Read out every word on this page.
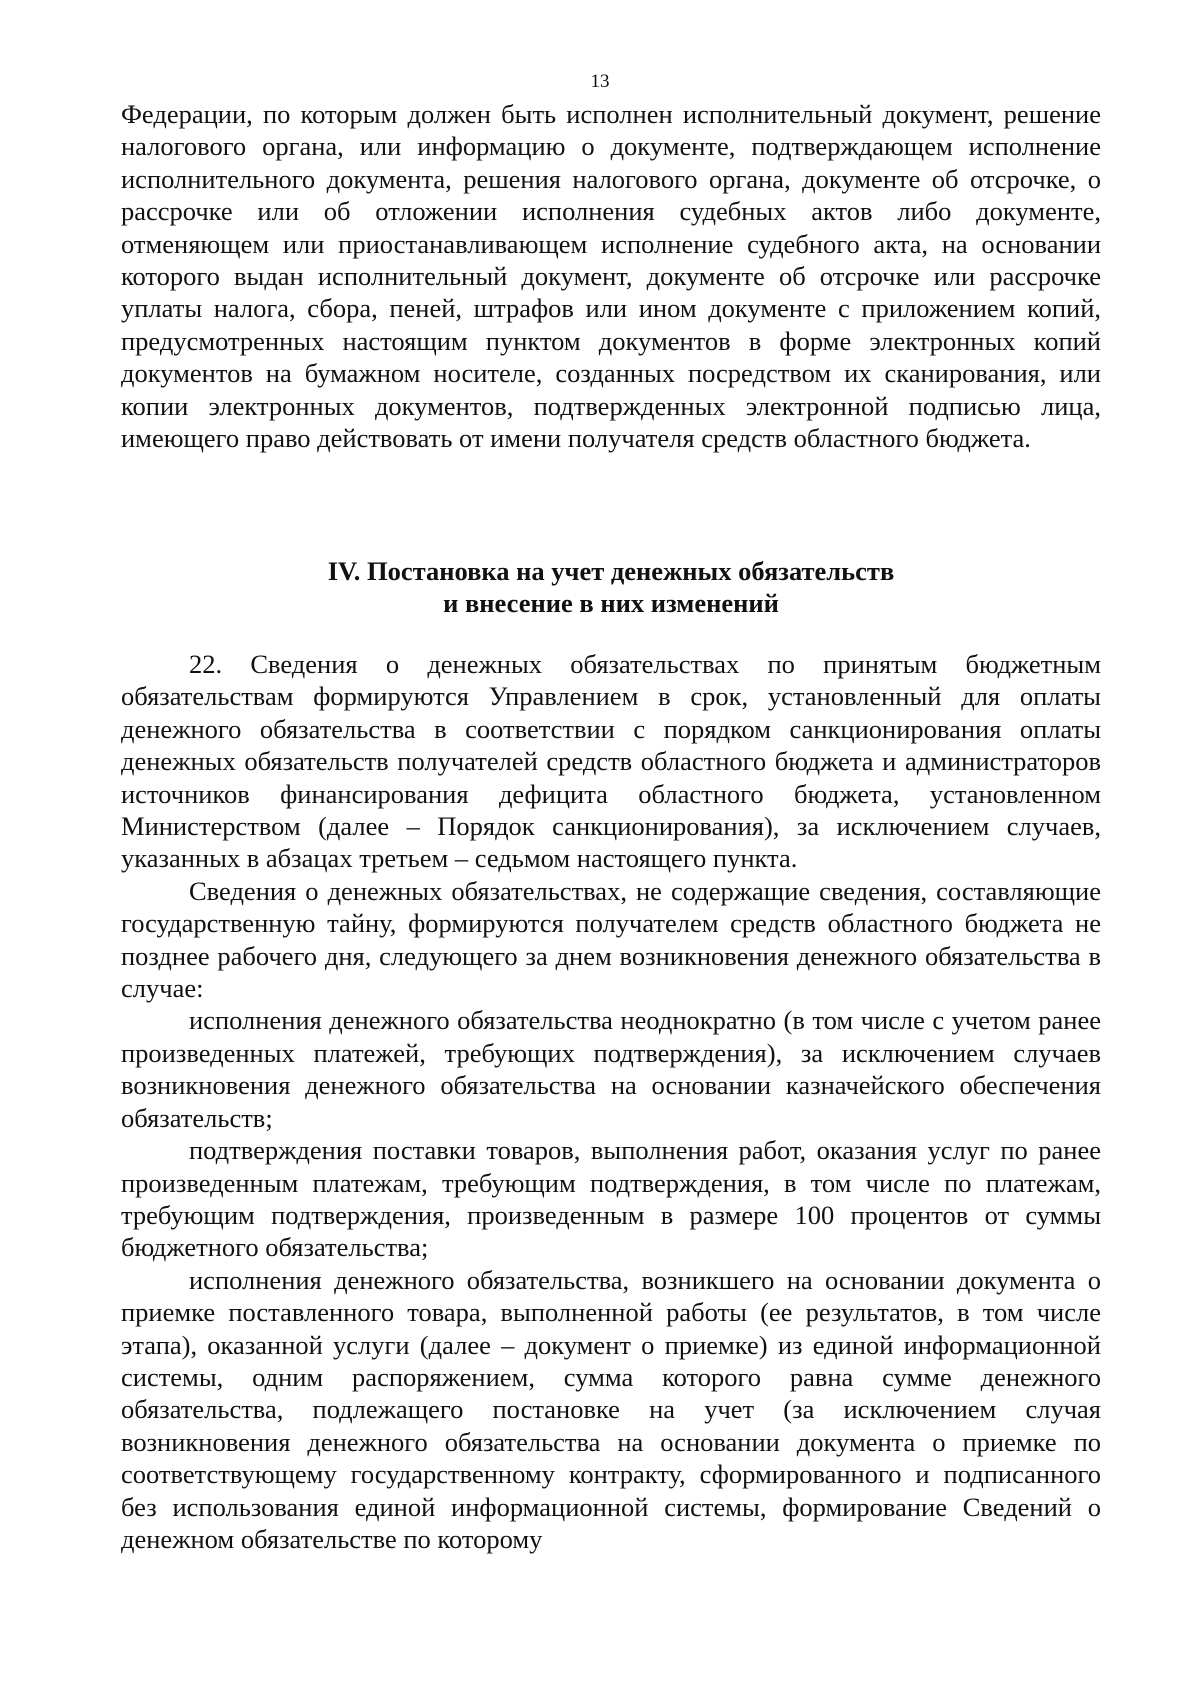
13

Федерации, по которым должен быть исполнен исполнительный документ, решение налогового органа, или информацию о документе, подтверждающем исполнение исполнительного документа, решения налогового органа, документе об отсрочке, о рассрочке или об отложении исполнения судебных актов либо документе, отменяющем или приостанавливающем исполнение судебного акта, на основании которого выдан исполнительный документ, документе об отсрочке или рассрочке уплаты налога, сбора, пеней, штрафов или ином документе с приложением копий, предусмотренных настоящим пунктом документов в форме электронных копий документов на бумажном носителе, созданных посредством их сканирования, или копии электронных документов, подтвержденных электронной подписью лица, имеющего право действовать от имени получателя средств областного бюджета.

IV. Постановка на учет денежных обязательств
и внесение в них изменений

22. Сведения о денежных обязательствах по принятым бюджетным обязательствам формируются Управлением в срок, установленный для оплаты денежного обязательства в соответствии с порядком санкционирования оплаты денежных обязательств получателей средств областного бюджета и администраторов источников финансирования дефицита областного бюджета, установленном Министерством (далее – Порядок санкционирования), за исключением случаев, указанных в абзацах третьем – седьмом настоящего пункта.

Сведения о денежных обязательствах, не содержащие сведения, составляющие государственную тайну, формируются получателем средств областного бюджета не позднее рабочего дня, следующего за днем возникновения денежного обязательства в случае:

исполнения денежного обязательства неоднократно (в том числе с учетом ранее произведенных платежей, требующих подтверждения), за исключением случаев возникновения денежного обязательства на основании казначейского обеспечения обязательств;

подтверждения поставки товаров, выполнения работ, оказания услуг по ранее произведенным платежам, требующим подтверждения, в том числе по платежам, требующим подтверждения, произведенным в размере 100 процентов от суммы бюджетного обязательства;

исполнения денежного обязательства, возникшего на основании документа о приемке поставленного товара, выполненной работы (ее результатов, в том числе этапа), оказанной услуги (далее – документ о приемке) из единой информационной системы, одним распоряжением, сумма которого равна сумме денежного обязательства, подлежащего постановке на учет (за исключением случая возникновения денежного обязательства на основании документа о приемке по соответствующему государственному контракту, сформированного и подписанного без использования единой информационной системы, формирование Сведений о денежном обязательстве по которому
